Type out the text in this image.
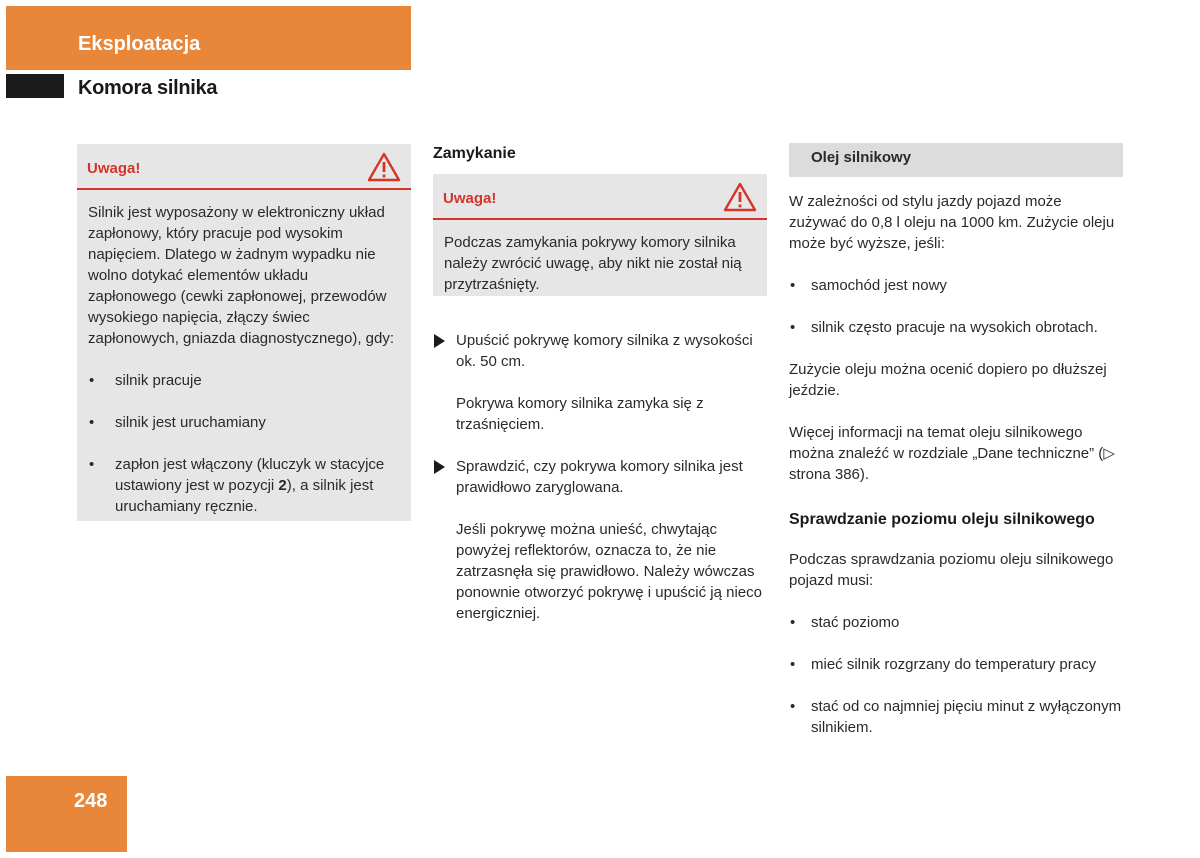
Eksploatacja
Komora silnika
Uwaga!

Silnik jest wyposażony w elektroniczny układ zapłonowy, który pracuje pod wysokim napięciem. Dlatego w żadnym wypadku nie wolno dotykać elementów układu zapłonowego (cewki zapłonowej, przewodów wysokiego napięcia, złączy świec zapłonowych, gniazda diagnostycznego), gdy:

• silnik pracuje
• silnik jest uruchamiany
• zapłon jest włączony (kluczyk w stacyjce ustawiony jest w pozycji 2), a silnik jest uruchamiany ręcznie.
Zamykanie
Uwaga!

Podczas zamykania pokrywy komory silnika należy zwrócić uwagę, aby nikt nie został nią przytrzaśnięty.

Upuścić pokrywę komory silnika z wysokości ok. 50 cm.

Pokrywa komory silnika zamyka się z trzaśnięciem.

Sprawdzić, czy pokrywa komory silnika jest prawidłowo zaryglowana.

Jeśli pokrywę można unieść, chwytając powyżej reflektorów, oznacza to, że nie zatrzasnęła się prawidłowo. Należy wówczas ponownie otworzyć pokrywę i upuścić ją nieco energiczniej.

Olej silnikowy

W zależności od stylu jazdy pojazd może zużywać do 0,8 l oleju na 1000 km. Zużycie oleju może być wyższe, jeśli:

• samochód jest nowy
• silnik często pracuje na wysokich obrotach.

Zużycie oleju można ocenić dopiero po dłuższej jeździe.

Więcej informacji na temat oleju silnikowego można znaleźć w rozdziale „Dane techniczne” (▷ strona 386).

Sprawdzanie poziomu oleju silnikowego

Podczas sprawdzania poziomu oleju silnikowego pojazd musi:

• stać poziomo
• mieć silnik rozgrzany do temperatury pracy
• stać od co najmniej pięciu minut z wyłączonym silnikiem.
248
